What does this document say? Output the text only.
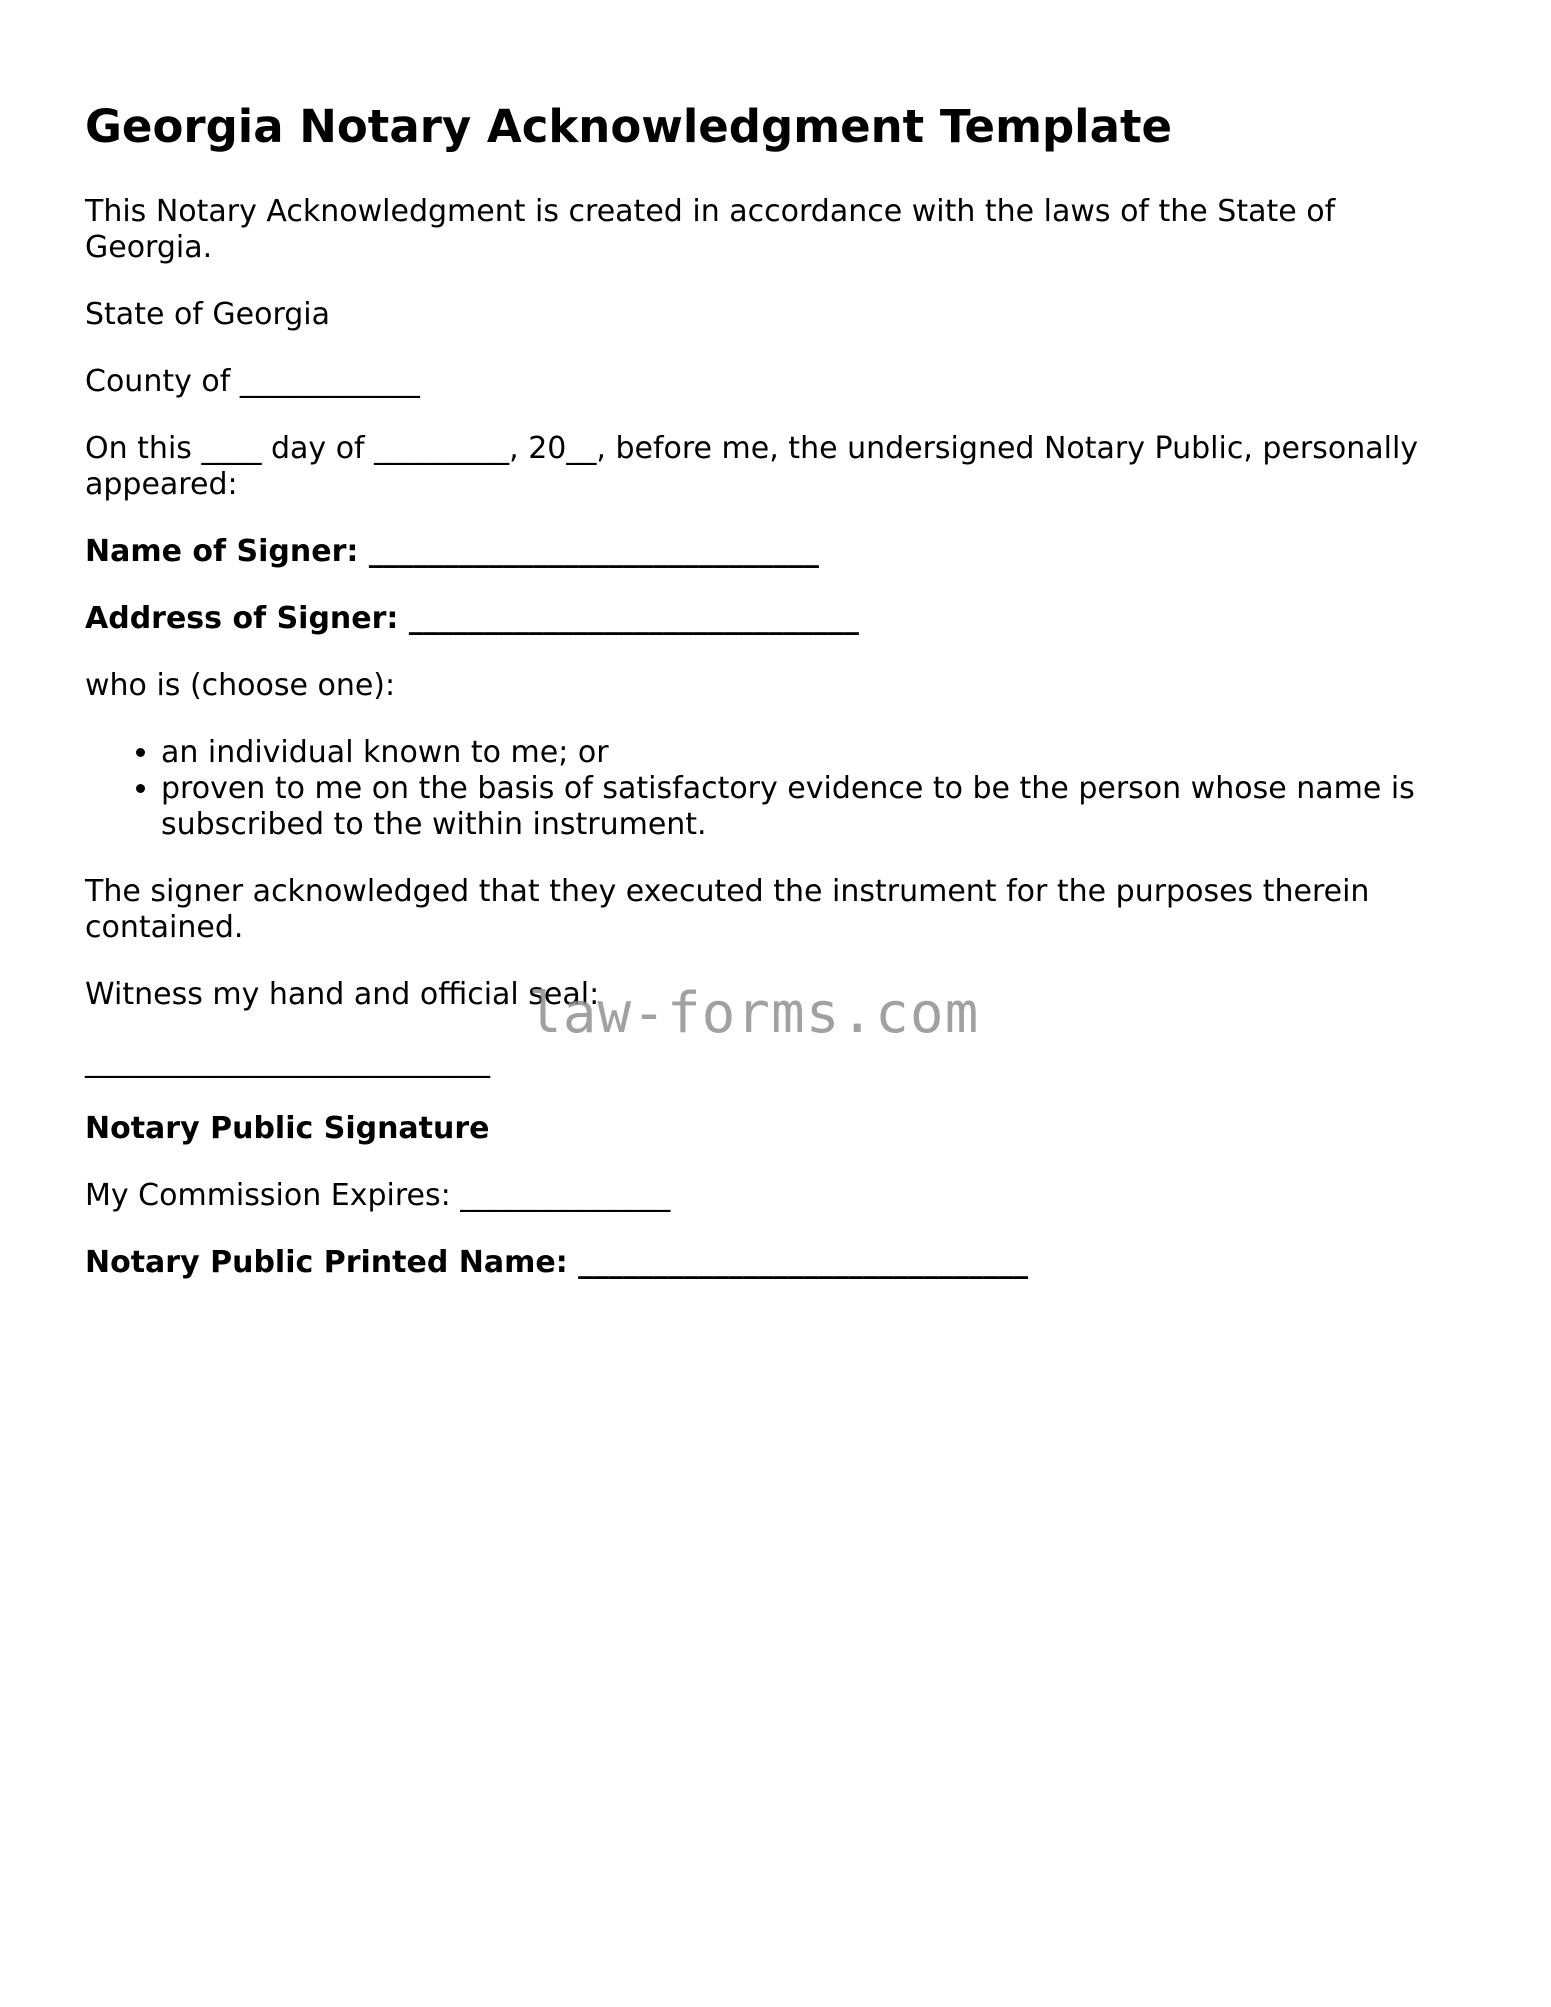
Georgia Notary Acknowledgment Template

This Notary Acknowledgment is created in accordance with the laws of the State of Georgia.

State of Georgia

County of ____________

On this ____ day of _________, 20__, before me, the undersigned Notary Public, personally appeared:

Name of Signer: ______________________________

Address of Signer: ______________________________

who is (choose one):

• an individual known to me; or
• proven to me on the basis of satisfactory evidence to be the person whose name is subscribed to the within instrument.

The signer acknowledged that they executed the instrument for the purposes therein contained.

Witness my hand and official seal:

___________________________

Notary Public Signature

My Commission Expires: ______________

Notary Public Printed Name: ______________________________

law-forms.com
